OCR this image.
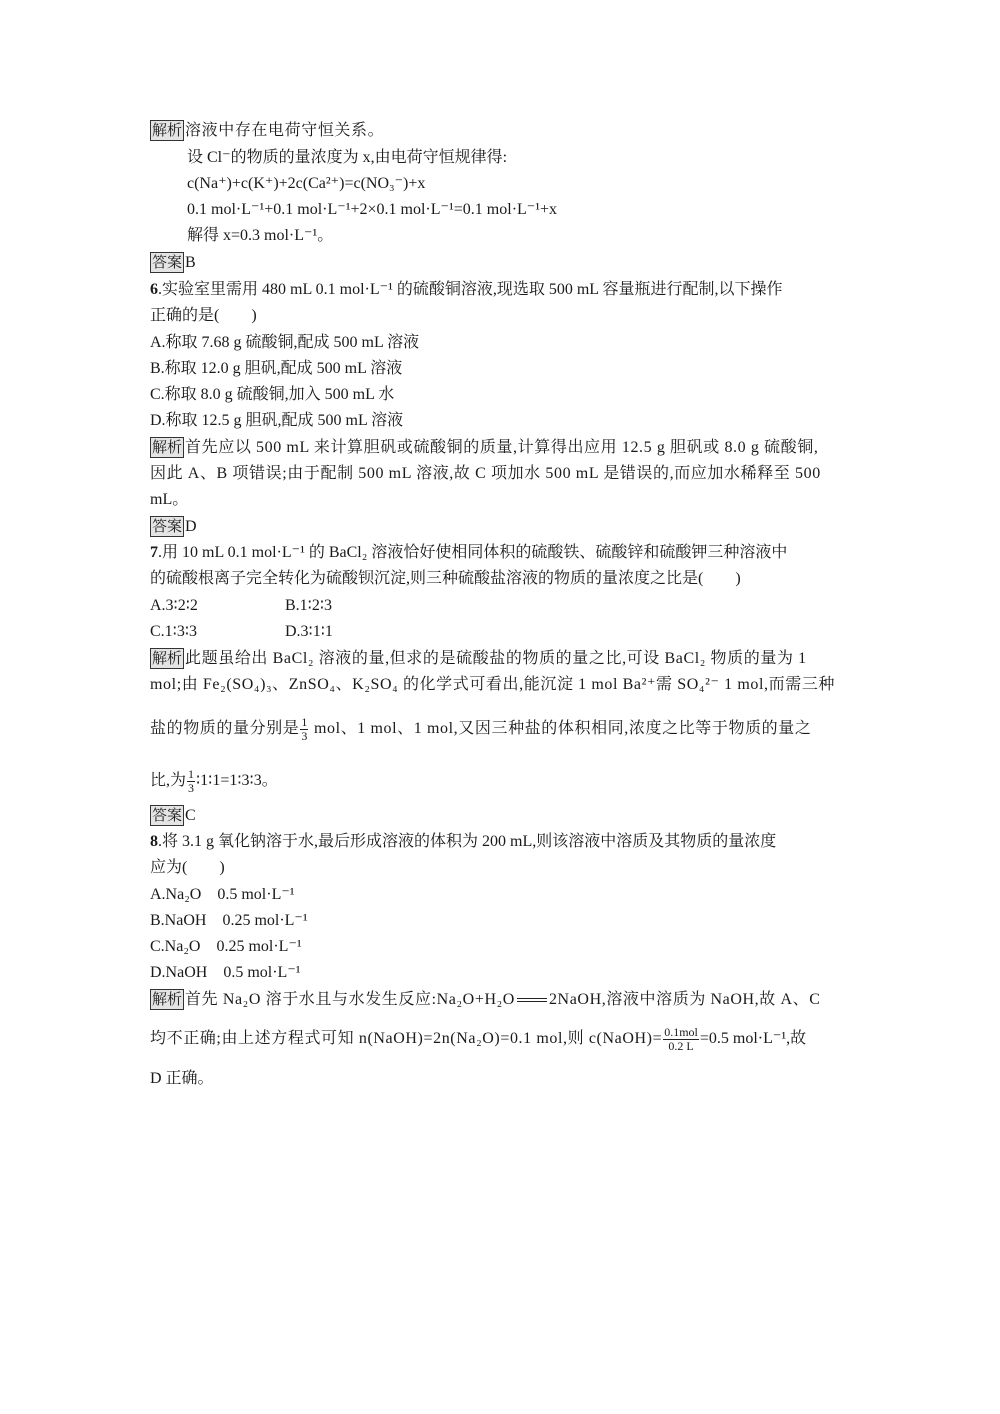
解析 溶液中存在电荷守恒关系。
设 Cl⁻的物质的量浓度为 x,由电荷守恒规律得:
c(Na⁺)+c(K⁺)+2c(Ca²⁺)=c(NO₃⁻)+x
0.1 mol·L⁻¹+0.1 mol·L⁻¹+2×0.1 mol·L⁻¹=0.1 mol·L⁻¹+x
解得 x=0.3 mol·L⁻¹。
答案 B
6.实验室里需用 480 mL 0.1 mol·L⁻¹ 的硫酸铜溶液,现选取 500 mL 容量瓶进行配制,以下操作
正确的是(　　)
A.称取 7.68 g 硫酸铜,配成 500 mL 溶液
B.称取 12.0 g 胆矾,配成 500 mL 溶液
C.称取 8.0 g 硫酸铜,加入 500 mL 水
D.称取 12.5 g 胆矾,配成 500 mL 溶液
解析 首先应以 500 mL 来计算胆矾或硫酸铜的质量,计算得出应用 12.5 g 胆矾或 8.0 g 硫酸铜,
因此 A、B 项错误;由于配制 500 mL 溶液,故 C 项加水 500 mL 是错误的,而应加水稀释至 500
mL。
答案 D
7.用 10 mL 0.1 mol·L⁻¹ 的 BaCl₂ 溶液恰好使相同体积的硫酸铁、硫酸锌和硫酸钾三种溶液中
的硫酸根离子完全转化为硫酸钡沉淀,则三种硫酸盐溶液的物质的量浓度之比是(　　)
A.3∶2∶2	B.1∶2∶3
C.1∶3∶3	D.3∶1∶1
解析 此题虽给出 BaCl₂ 溶液的量,但求的是硫酸盐的物质的量之比,可设 BaCl₂ 物质的量为 1
mol;由 Fe₂(SO₄)₃、ZnSO₄、K₂SO₄ 的化学式可看出,能沉淀 1 mol Ba²⁺需 SO₄²⁻ 1 mol,而需三种
盐的物质的量分别是 $\frac{1}{3}$ mol、1 mol、1 mol,又因三种盐的体积相同,浓度之比等于物质的量之
比,为 $\frac{1}{3}$ ∶1∶1=1∶3∶3。
答案 C
8.将 3.1 g 氧化钠溶于水,最后形成溶液的体积为 200 mL,则该溶液中溶质及其物质的量浓度
应为(　　)
A.Na₂O　0.5 mol·L⁻¹
B.NaOH　0.25 mol·L⁻¹
C.Na₂O　0.25 mol·L⁻¹
D.NaOH　0.5 mol·L⁻¹
解析 首先 Na₂O 溶于水且与水发生反应:Na₂O+H₂O 2NaOH,溶液中溶质为 NaOH,故 A、C
均不正确;由上述方程式可知 n(NaOH)=2n(Na₂O)=0.1 mol,则 c(NaOH)= $\frac{\text{0.1mol}}{0.2 L} =0.5$ mol·L⁻¹,故
D 正确。
